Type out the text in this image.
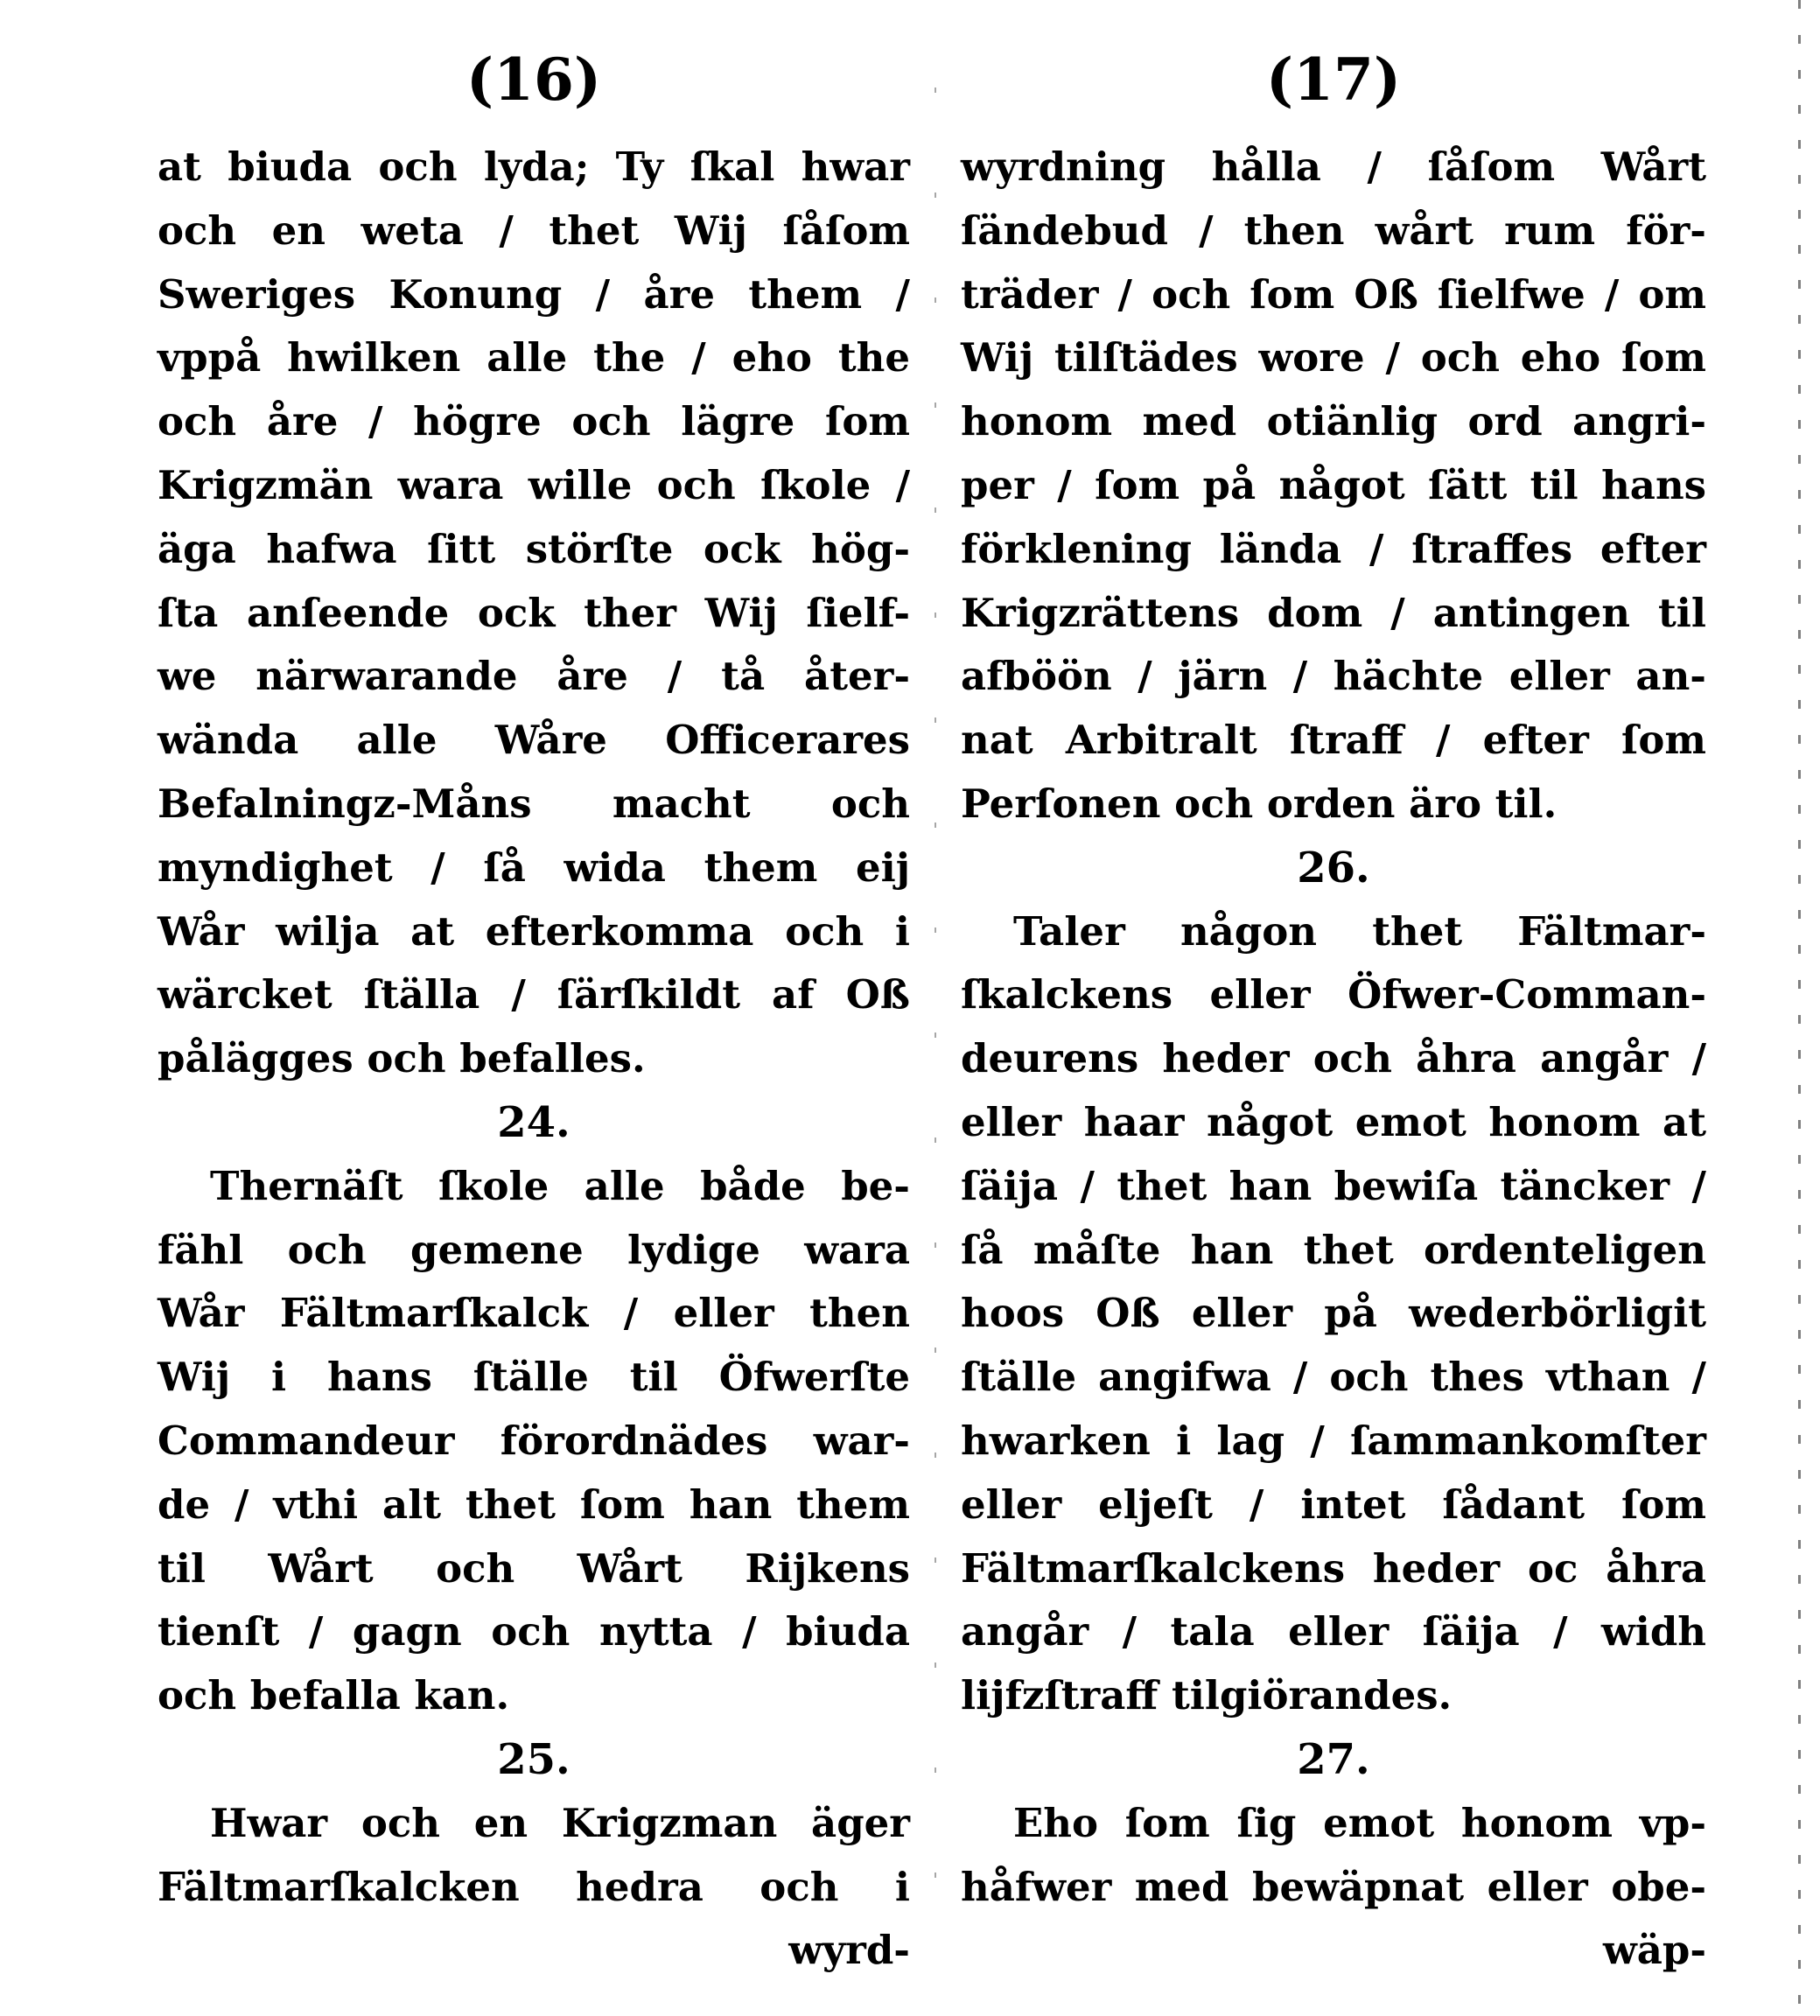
(16)
at biuda och lyda; Ty ſkal hwar
och en weta / thet Wij ſåſom
Sweriges Konung / åre them /
vppå hwilken alle the / eho the
och åre / högre och lägre ſom
Krigzmän wara wille och ſkole /
äga hafwa ſitt störſte ock hög-
ſta anſeende ock ther Wij ſielf-
we närwarande åre / tå åter-
wända alle Wåre Officerares
Befalningz-Måns macht och
myndighet / ſå wida them eij
Wår wilja at efterkomma och i
wärcket ſtälla / ſärſkildt af Oß
pålägges och befalles.
24.
Thernäſt ſkole alle både be-
fähl och gemene lydige wara
Wår Fältmarſkalck / eller then
Wij i hans ſtälle til Öfwerſte
Commandeur förordnädes war-
de / vthi alt thet ſom han them
til Wårt och Wårt Rijkens
tienſt / gagn och nytta / biuda
och befalla kan.
25.
Hwar och en Krigzman äger
Fältmarſkalcken hedra och i
wyrd-
(17)
wyrdning hålla / ſåſom Wårt
ſändebud / then wårt rum för-
träder / och ſom Oß ſielfwe / om
Wij tilſtädes wore / och eho ſom
honom med otiänlig ord angri-
per / ſom på något ſätt til hans
förklening lända / ſtraffes efter
Krigzrättens dom / antingen til
afböön / järn / hächte eller an-
nat Arbitralt ſtraff / efter ſom
Perſonen och orden äro til.
26.
Taler någon thet Fältmar-
ſkalckens eller Öfwer-Comman-
deurens heder och åhra angår /
eller haar något emot honom at
ſäija / thet han bewiſa täncker /
ſå måſte han thet ordenteligen
hoos Oß eller på wederbörligit
ſtälle angifwa / och thes vthan /
hwarken i lag / ſammankomſter
eller eljeſt / intet ſådant ſom
Fältmarſkalckens heder oc åhra
angår / tala eller ſäija / widh
lijfzſtraff tilgiörandes.
27.
Eho ſom ſig emot honom vp-
håfwer med bewäpnat eller obe-
wäp-
